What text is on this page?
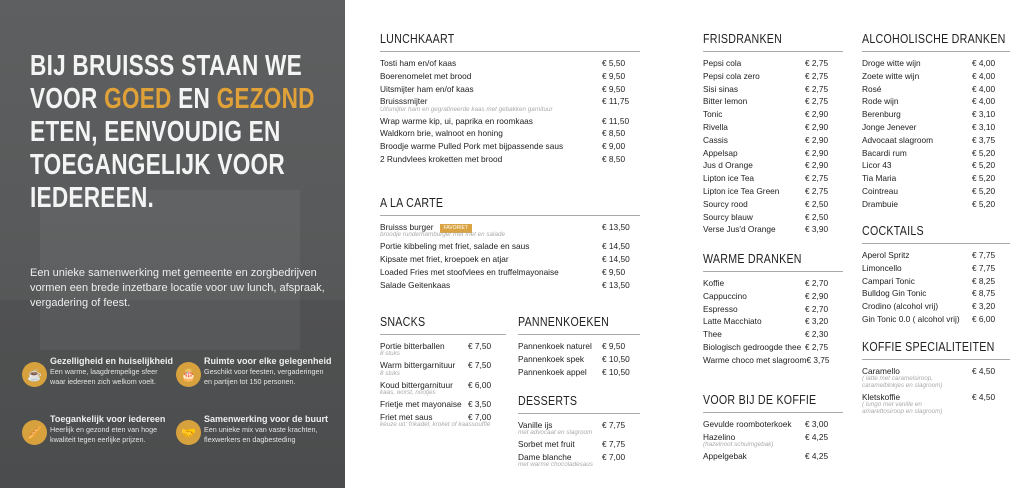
BIJ BRUISSS STAAN WE
VOOR GOED EN GEZOND
ETEN, EENVOUDIG EN
TOEGANGELIJK VOOR
IEDEREEN.
Een unieke samenwerking met gemeente en zorgbedrijven vormen een brede inzetbare locatie voor uw lunch, afspraak, vergadering of feest.
☕
Gezelligheid en huiselijkheid
Een warme, laagdrempelige sfeer
waar iedereen zich welkom voelt.	🎂
Ruimte voor elke gelegenheid
Geschikt voor feesten, vergaderingen
en partijen tot 150 personen.
🥖
Toegankelijk voor iedereen
Heerlijk en gezond eten van hoge
kwaliteit tegen eerlijke prijzen.	🤝
Samenwerking voor de buurt
Een unieke mix van vaste krachten,
flexwerkers en dagbesteding
LUNCHKAART
Tosti ham en/of kaas	€ 5,50
Boerenomelet met brood	€ 9,50
Uitsmijter ham en/of kaas	€ 9,50
Bruisssmijter	€ 11,75
Uitsmijter ham en gegratineerde kaas met gebakken garnituur
Wrap warme kip, ui, paprika en roomkaas	€ 11,50
Waldkorn brie, walnoot en honing	€ 8,50
Broodje warme Pulled Pork met bijpassende saus	€ 9,00
2 Rundvlees kroketten met brood	€ 8,50
A LA CARTE
Bruisss burger FAVORIET	€ 13,50
broodje runderhamburger met friet en salade
Portie kibbeling met friet, salade en saus	€ 14,50
Kipsate met friet, kroepoek en atjar	€ 14,50
Loaded Fries met stoofvlees en truffelmayonaise	€ 9,50
Salade Geitenkaas	€ 13,50
SNACKS
Portie bitterballen	€ 7,50
8 stuks
Warm bittergarnituur € 7,50
8 stuks
Koud bittergarnituur € 6,00
kaas, worst, nootjes
Frietje met mayonaise € 3,50
Friet met saus	€ 7,00
keuze uit: frikadel, kroket of kaassoufflé
PANNENKOEKEN
Pannenkoek naturel € 9,50
Pannenkoek spek € 10,50
Pannenkoek appel € 10,50
DESSERTS
Vanille ijs	€ 7,75
met advocaat en slagroom
Sorbet met fruit	€ 7,75
Dame blanche	€ 7,00
met warme chocoladesaus
FRISDRANKEN
Pepsi cola	€ 2,75
Pepsi cola zero	€ 2,75
Sisi sinas	€ 2,75
Bitter lemon	€ 2,75
Tonic	€ 2,90
Rivella	€ 2,90
Cassis	€ 2,90
Appelsap	€ 2,90
Jus d Orange	€ 2,90
Lipton ice Tea	€ 2,75
Lipton ice Tea Green	€ 2,75
Sourcy rood	€ 2,50
Sourcy blauw	€ 2,50
Verse Jus'd Orange	€ 3,90
WARME DRANKEN
Koffie	€ 2,70
Cappuccino	€ 2,90
Espresso	€ 2,70
Latte Macchiato	€ 3,20
Thee	€ 2,30
Biologisch gedroogde thee € 2,75
Warme choco met slagroom € 3,75
VOOR BIJ DE KOFFIE
Gevulde roomboterkoek € 3,00
Hazelino	€ 4,25
(hazelnoot schuimgebak)
Appelgebak	€ 4,25
ALCOHOLISCHE DRANKEN
Droge witte wijn	€ 4,00
Zoete witte wijn	€ 4,00
Rosé	€ 4,00
Rode wijn	€ 4,00
Berenburg	€ 3,10
Jonge Jenever	€ 3,10
Advocaat slagroom	€ 3,75
Bacardi rum	€ 5,20
Licor 43	€ 5,20
Tia Maria	€ 5,20
Cointreau	€ 5,20
Drambuie	€ 5,20
COCKTAILS
Aperol Spritz	€ 7,75
Limoncello	€ 7,75
Campari Tonic	€ 8,25
Bulldog Gin Tonic	€ 8,75
Crodino (alcohol vrij)	€ 3,20
Gin Tonic 0.0 ( alcohol vrij) € 6,00
KOFFIE SPECIALITEITEN
Caramello	€ 4,50
( latte met caramelsiroop,
caramelblokjes en slagroom)
Kletskoffie	€ 4,50
( lungo met vanille en
amarettosiroop en slagroom)
